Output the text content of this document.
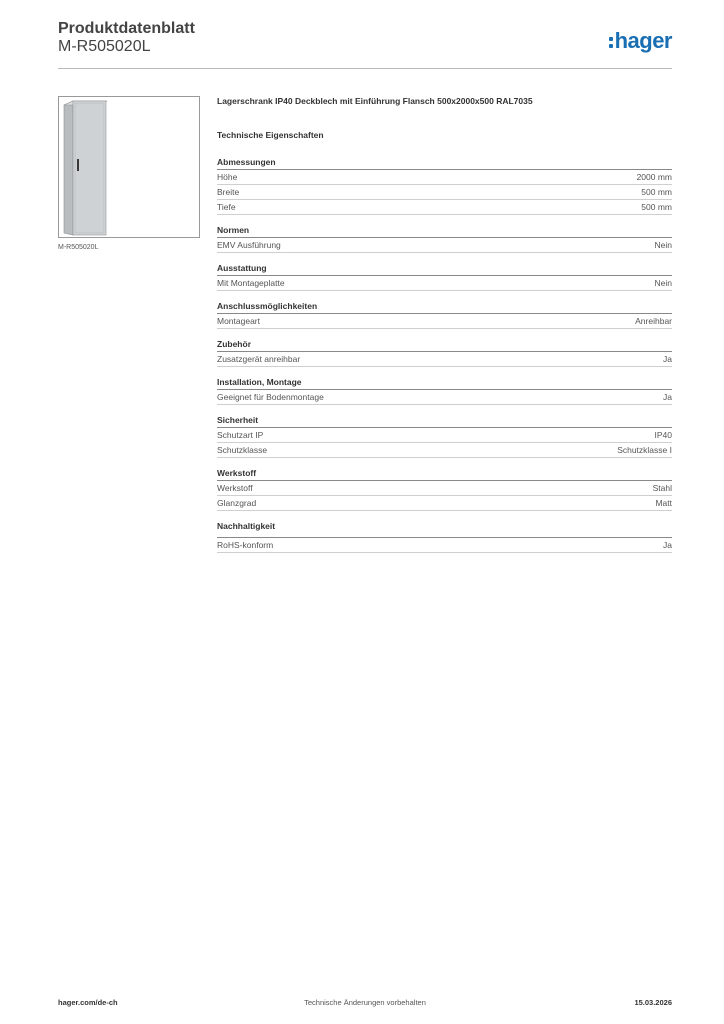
Produktdatenblatt
M-R505020L	hager
M-R505020L
Lagerschrank IP40 Deckblech mit Einführung Flansch 500x2000x500 RAL7035
Technische Eigenschaften
Abmessungen
Höhe	2000 mm
Breite	500 mm
Tiefe	500 mm
Normen
EMV Ausführung	Nein
Ausstattung
Mit Montageplatte	Nein
Anschlussmöglichkeiten
Montageart	Anreihbar
Zubehör
Zusatzgerät anreihbar	Ja
Installation, Montage
Geeignet für Bodenmontage	Ja
Sicherheit
Schutzart IP	IP40
Schutzklasse	Schutzklasse I
Werkstoff
Werkstoff	Stahl
Glanzgrad	Matt
Nachhaltigkeit
RoHS-konform	Ja
hager.com/de-ch	Technische Änderungen vorbehalten	15.03.2026
